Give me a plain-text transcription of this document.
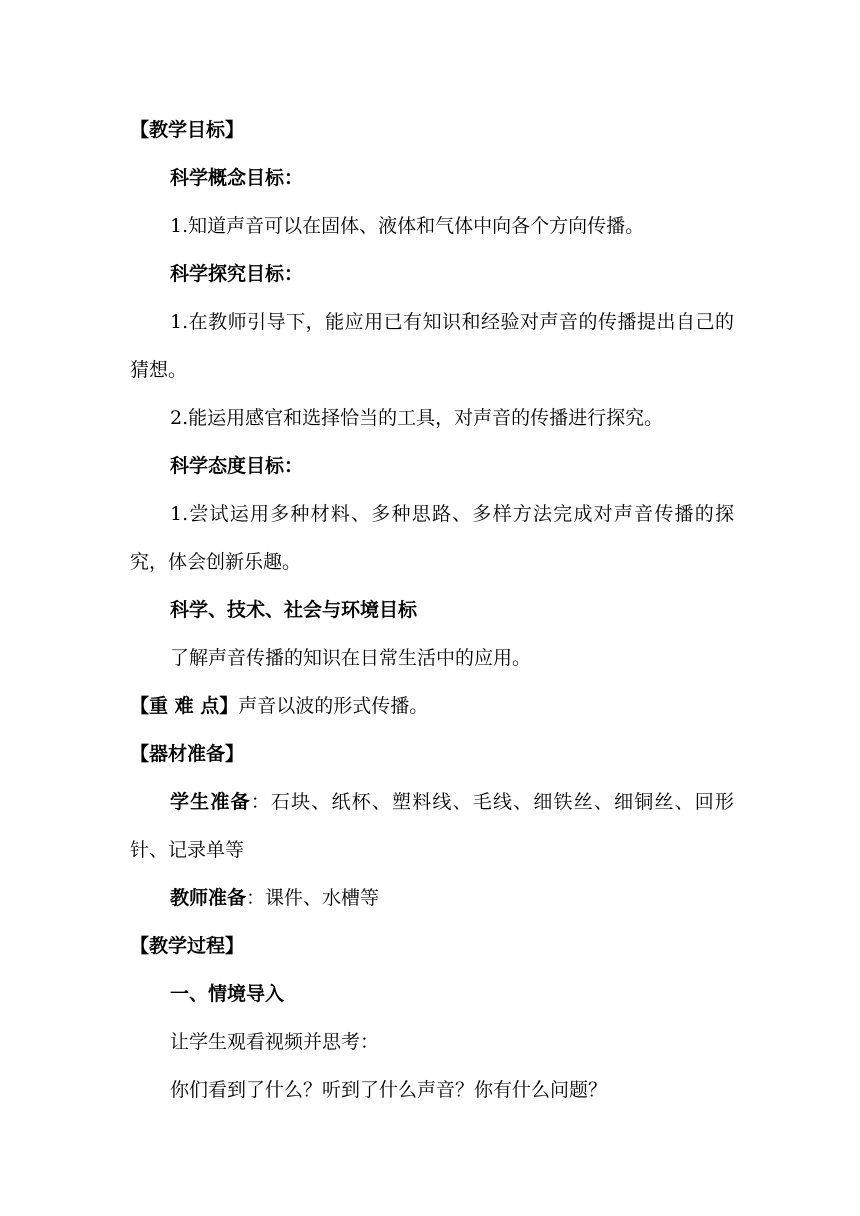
【教学目标】
科学概念目标：
1.知道声音可以在固体、液体和气体中向各个方向传播。
科学探究目标：
1.在教师引导下，能应用已有知识和经验对声音的传播提出自己的猜想。
2.能运用感官和选择恰当的工具，对声音的传播进行探究。
科学态度目标：
1.尝试运用多种材料、多种思路、多样方法完成对声音传播的探究，体会创新乐趣。
科学、技术、社会与环境目标
了解声音传播的知识在日常生活中的应用。
【重 难 点】声音以波的形式传播。
【器材准备】
学生准备：石块、纸杯、塑料线、毛线、细铁丝、细铜丝、回形针、记录单等
教师准备：课件、水槽等
【教学过程】
一、情境导入
让学生观看视频并思考：
你们看到了什么？听到了什么声音？你有什么问题？
